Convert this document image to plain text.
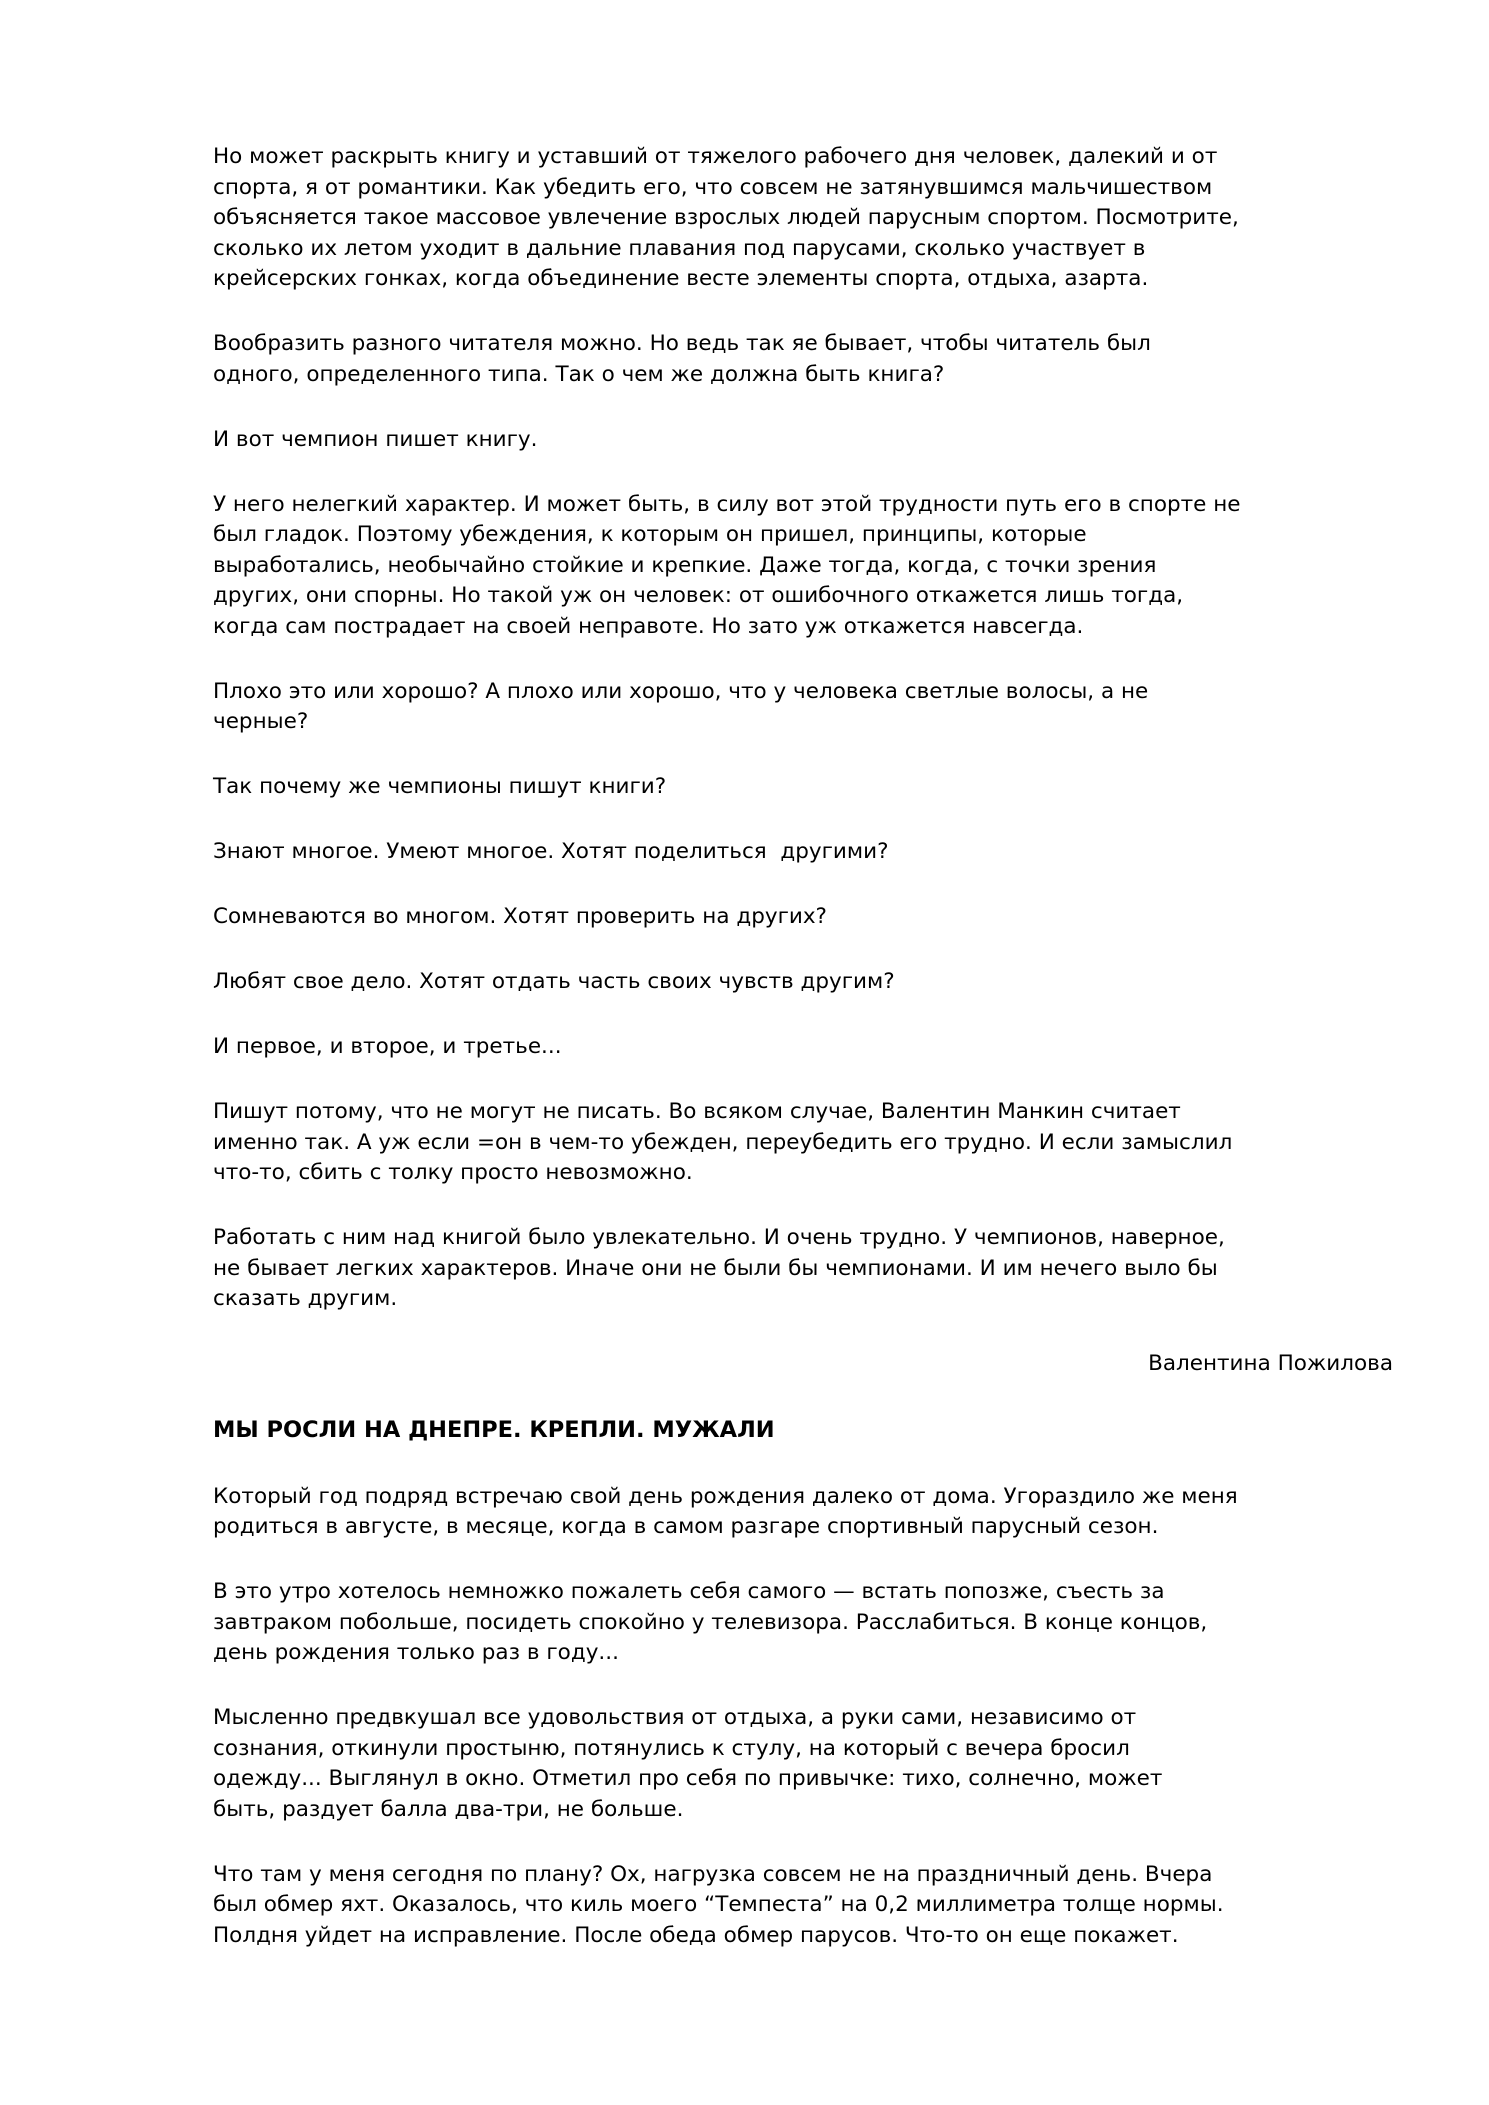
Но может раскрыть книгу и уставший от тяжелого рабочего дня человек, далекий и от
спорта, я от романтики. Как убедить его, что совсем не затянувшимся мальчишеством
объясняется такое массовое увлечение взрослых людей парусным спортом. Посмотрите,
сколько их летом уходит в дальние плавания под парусами, сколько участвует в
крейсерских гонках, когда объединение весте элементы спорта, отдыха, азарта.

Вообразить разного читателя можно. Но ведь так яе бывает, чтобы читатель был
одного, определенного типа. Так о чем же должна быть книга?

И вот чемпион пишет книгу.

У него нелегкий характер. И может быть, в силу вот этой трудности путь его в спорте не
был гладок. Поэтому убеждения, к которым он пришел, принципы, которые
выработались, необычайно стойкие и крепкие. Даже тогда, когда, с точки зрения
других, они спорны. Но такой уж он человек: от ошибочного откажется лишь тогда,
когда сам пострадает на своей неправоте. Но зато уж откажется навсегда.

Плохо это или хорошо? А плохо или хорошо, что у человека светлые волосы, а не
черные?

Так почему же чемпионы пишут книги?

Знают многое. Умеют многое. Хотят поделиться  другими?

Сомневаются во многом. Хотят проверить на других?

Любят свое дело. Хотят отдать часть своих чувств другим?

И первое, и второе, и третье...

Пишут потому, что не могут не писать. Во всяком случае, Валентин Манкин считает
именно так. А уж если =он в чем-то убежден, переубедить его трудно. И если замыслил
что-то, сбить с толку просто невозможно.

Работать с ним над книгой было увлекательно. И очень трудно. У чемпионов, наверное,
не бывает легких характеров. Иначе они не были бы чемпионами. И им нечего выло бы
сказать другим.

Валентина Пожилова
МЫ РОСЛИ НА ДНЕПРЕ. КРЕПЛИ. МУЖАЛИ

Который год подряд встречаю свой день рождения далеко от дома. Угораздило же меня
родиться в августе, в месяце, когда в самом разгаре спортивный парусный сезон.

В это утро хотелось немножко пожалеть себя самого — встать попозже, съесть за
завтраком побольше, посидеть спокойно у телевизора. Расслабиться. В конце концов,
день рождения только раз в году...

Мысленно предвкушал все удовольствия от отдыха, а руки сами, независимо от
сознания, откинули простыню, потянулись к стулу, на который с вечера бросил
одежду... Выглянул в окно. Отметил про себя по привычке: тихо, солнечно, может
быть, раздует балла два-три, не больше.

Что там у меня сегодня по плану? Ох, нагрузка совсем не на праздничный день. Вчера
был обмер яхт. Оказалось, что киль моего “Темпеста” на 0,2 миллиметра толще нормы.
Полдня уйдет на исправление. После обеда обмер парусов. Что-то он еще покажет.
